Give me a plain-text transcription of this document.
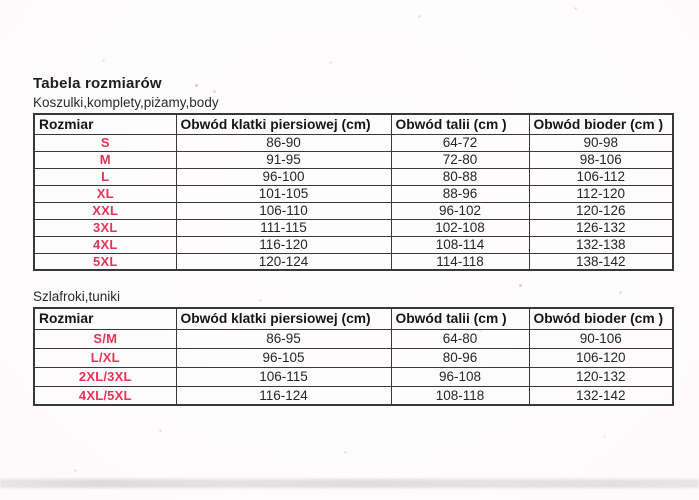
Tabela rozmiarów
Koszulki,komplety,piżamy,body
Rozmiar	Obwód klatki piersiowej (cm)	Obwód talii (cm )	Obwód bioder (cm )
S	86-90	64-72	90-98
M	91-95	72-80	98-106
L	96-100	80-88	106-112
XL	101-105	88-96	112-120
XXL	106-110	96-102	120-126
3XL	111-115	102-108	126-132
4XL	116-120	108-114	132-138
5XL	120-124	114-118	138-142
Szlafroki,tuniki
Rozmiar	Obwód klatki piersiowej (cm)	Obwód talii (cm )	Obwód bioder (cm )
S/M	86-95	64-80	90-106
L/XL	96-105	80-96	106-120
2XL/3XL	106-115	96-108	120-132
4XL/5XL	116-124	108-118	132-142
